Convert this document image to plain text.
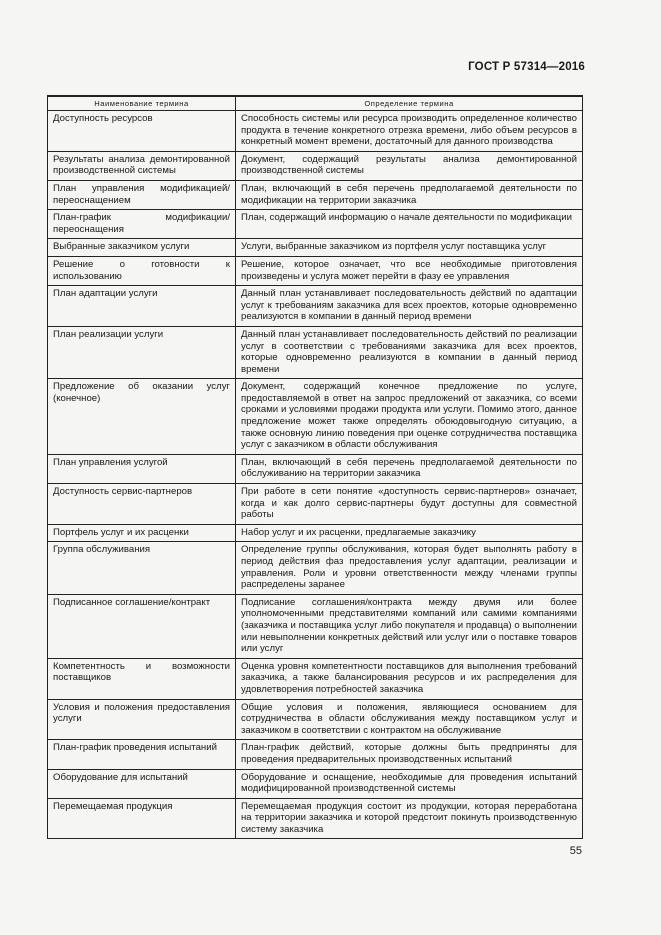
ГОСТ Р 57314—2016
Наименование термина	Определение термина
Доступность ресурсов	Способность системы или ресурса производить определенное количество продукта в течение конкретного отрезка времени, либо объем ресурсов в конкретный момент времени, достаточный для данного производства
Результаты анализа демонтированной производственной системы	Документ, содержащий результаты анализа демонтированной производственной системы
План управления модификацией/переоснащением	План, включающий в себя перечень предполагаемой деятельности по модификации на территории заказчика
План-график модификации/переоснащения	План, содержащий информацию о начале деятельности по модификации
Выбранные заказчиком услуги	Услуги, выбранные заказчиком из портфеля услуг поставщика услуг
Решение о готовности к использованию	Решение, которое означает, что все необходимые приготовления произведены и услуга может перейти в фазу ее управления
План адаптации услуги	Данный план устанавливает последовательность действий по адаптации услуг к требованиям заказчика для всех проектов, которые одновременно реализуются в компании в данный период времени
План реализации услуги	Данный план устанавливает последовательность действий по реализации услуг в соответствии с требованиями заказчика для всех проектов, которые одновременно реализуются в компании в данный период времени
Предложение об оказании услуг (конечное)	Документ, содержащий конечное предложение по услуге, предоставляемой в ответ на запрос предложений от заказчика, со всеми сроками и условиями продажи продукта или услуги. Помимо этого, данное предложение может также определять обоюдовыгодную ситуацию, а также основную линию поведения при оценке сотрудничества поставщика услуг с заказчиком в области обслуживания
План управления услугой	План, включающий в себя перечень предполагаемой деятельности по обслуживанию на территории заказчика
Доступность сервис-партнеров	При работе в сети понятие «доступность сервис-партнеров» означает, когда и как долго сервис-партнеры будут доступны для совместной работы
Портфель услуг и их расценки	Набор услуг и их расценки, предлагаемые заказчику
Группа обслуживания	Определение группы обслуживания, которая будет выполнять работу в период действия фаз предоставления услуг адаптации, реализации и управления. Роли и уровни ответственности между членами группы распределены заранее
Подписанное соглашение/контракт	Подписание соглашения/контракта между двумя или более уполномоченными представителями компаний или самими компаниями (заказчика и поставщика услуг либо покупателя и продавца) о выполнении или невыполнении конкретных действий или услуг или о поставке товаров или услуг
Компетентность и возможности поставщиков	Оценка уровня компетентности поставщиков для выполнения требований заказчика, а также балансирования ресурсов и их распределения для удовлетворения потребностей заказчика
Условия и положения предоставления услуги	Общие условия и положения, являющиеся основанием для сотрудничества в области обслуживания между поставщиком услуг и заказчиком в соответствии с контрактом на обслуживание
План-график проведения испытаний	План-график действий, которые должны быть предприняты для проведения предварительных производственных испытаний
Оборудование для испытаний	Оборудование и оснащение, необходимые для проведения испытаний модифицированной производственной системы
Перемещаемая продукция	Перемещаемая продукция состоит из продукции, которая переработана на территории заказчика и которой предстоит покинуть производственную систему заказчика
55
